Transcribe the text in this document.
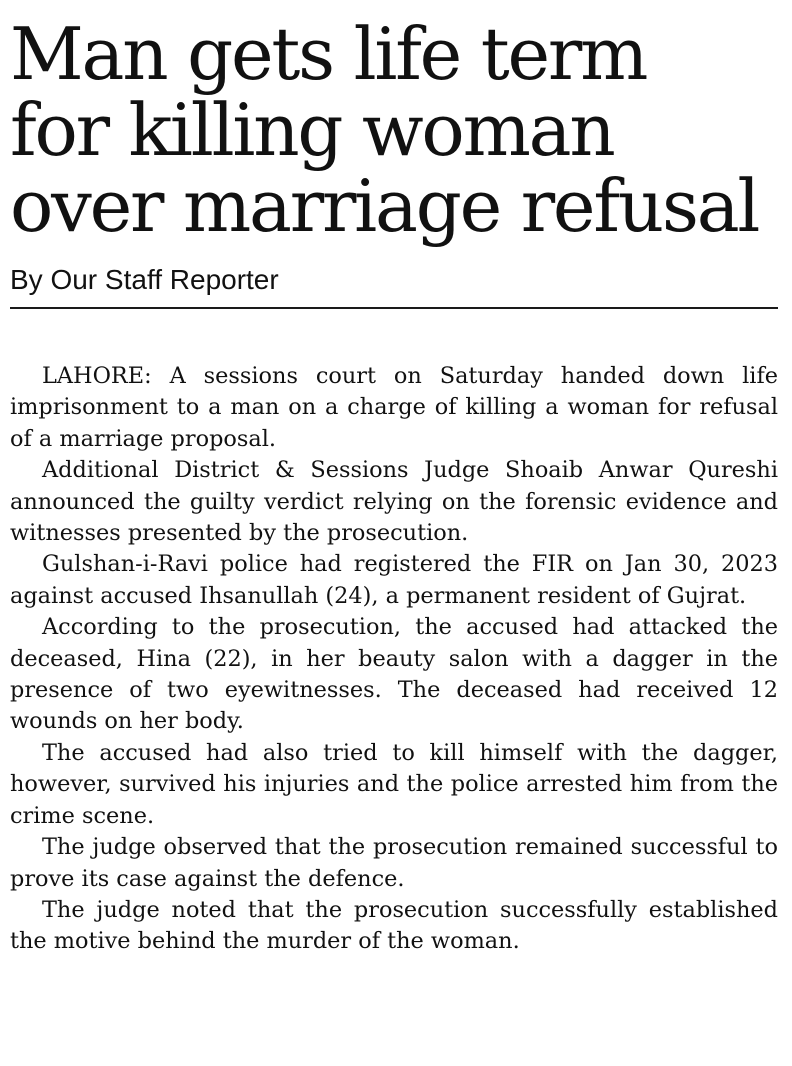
Man gets life term
for killing woman
over marriage refusal
By Our Staff Reporter

LAHORE: A sessions court on Saturday handed down life imprisonment to a man on a charge of killing a woman for refusal of a marriage proposal.

Additional District & Sessions Judge Shoaib Anwar Qureshi announced the guilty verdict relying on the forensic evidence and witnesses presented by the prosecution.

Gulshan-i-Ravi police had registered the FIR on Jan 30, 2023 against accused Ihsanullah (24), a permanent resident of Gujrat.

According to the prosecution, the accused had attacked the deceased, Hina (22), in her beauty salon with a dagger in the presence of two eyewitnesses. The deceased had received 12 wounds on her body.

The accused had also tried to kill himself with the dagger, however, survived his injuries and the police arrested him from the crime scene.

The judge observed that the prosecution remained successful to prove its case against the defence.

The judge noted that the prosecution successfully established the motive behind the murder of the woman.
